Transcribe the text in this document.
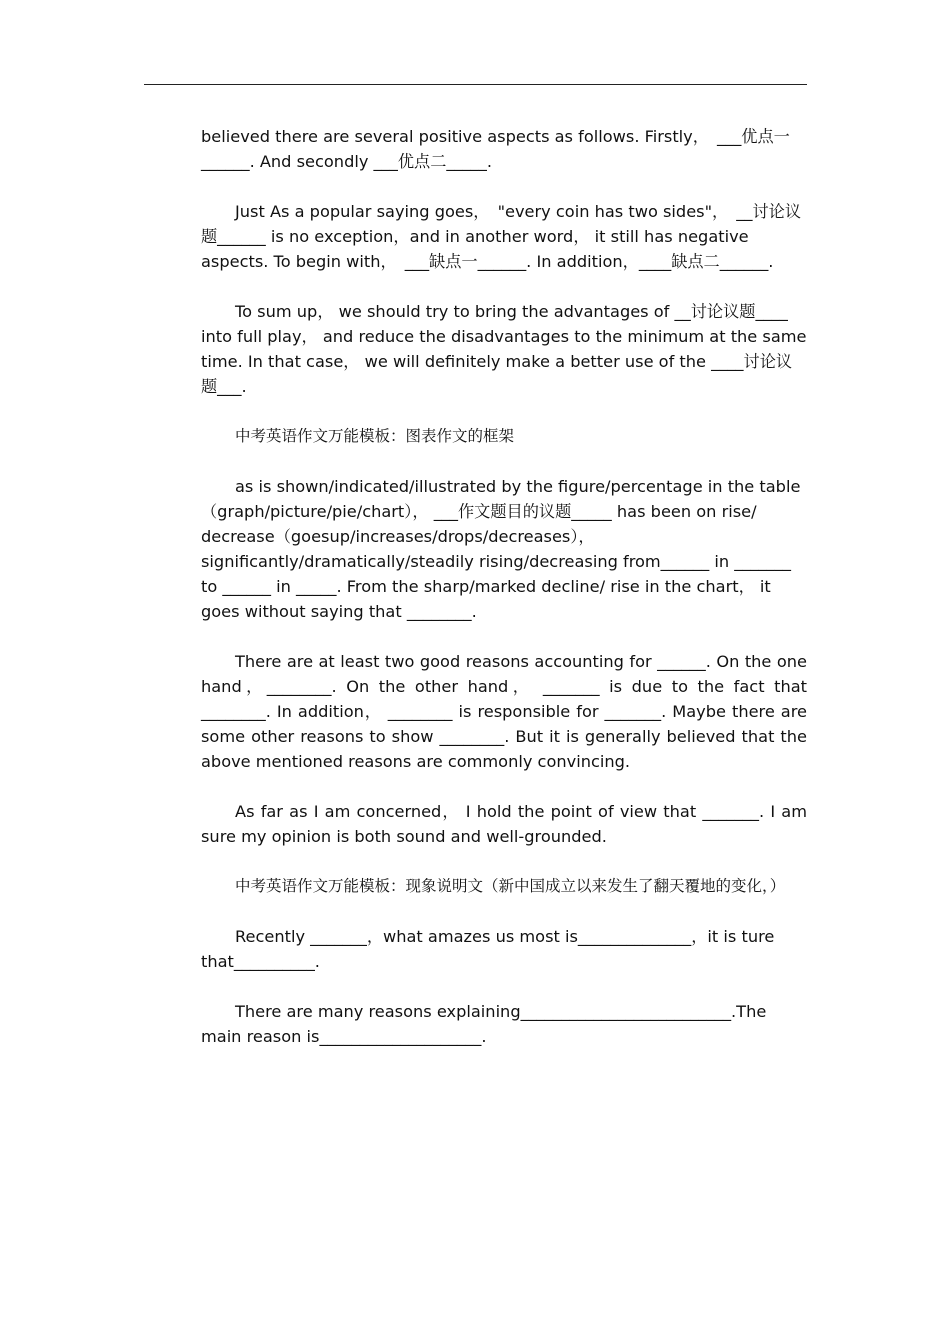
believed there are several positive aspects as follows. Firstly，　___优点一______. And secondly ___优点二_____.

Just As a popular saying goes，　"every coin has two sides"，　__讨论议题______ is no exception，and in another word， it still has negative aspects. To begin with，　___缺点一______. In addition，____缺点二______.

To sum up， we should try to bring the advantages of __讨论议题____ into full play， and reduce the disadvantages to the minimum at the same time. In that case， we will definitely make a better use of the ____讨论议题___.

中考英语作文万能模板：图表作文的框架

as is shown/indicated/illustrated by the figure/percentage in the table（graph/picture/pie/chart）， ___作文题目的议题_____ has been on rise/ decrease（goesup/increases/drops/decreases），significantly/dramatically/steadily rising/decreasing from______ in _______ to ______ in _____. From the sharp/marked decline/ rise in the chart， it goes without saying that ________.

There are at least two good reasons accounting for ______. On the one hand，________. On the other hand， _______ is due to the fact that ________. In addition， ________ is responsible for _______. Maybe there are some other reasons to show ________. But it is generally believed that the above mentioned reasons are commonly convincing.

As far as I am concerned， I hold the point of view that _______. I am sure my opinion is both sound and well-grounded.

中考英语作文万能模板：现象说明文（新中国成立以来发生了翻天覆地的变化，）

Recently _______，what amazes us most is______________，it is ture that__________.

There are many reasons explaining__________________________.The main reason is____________________.
